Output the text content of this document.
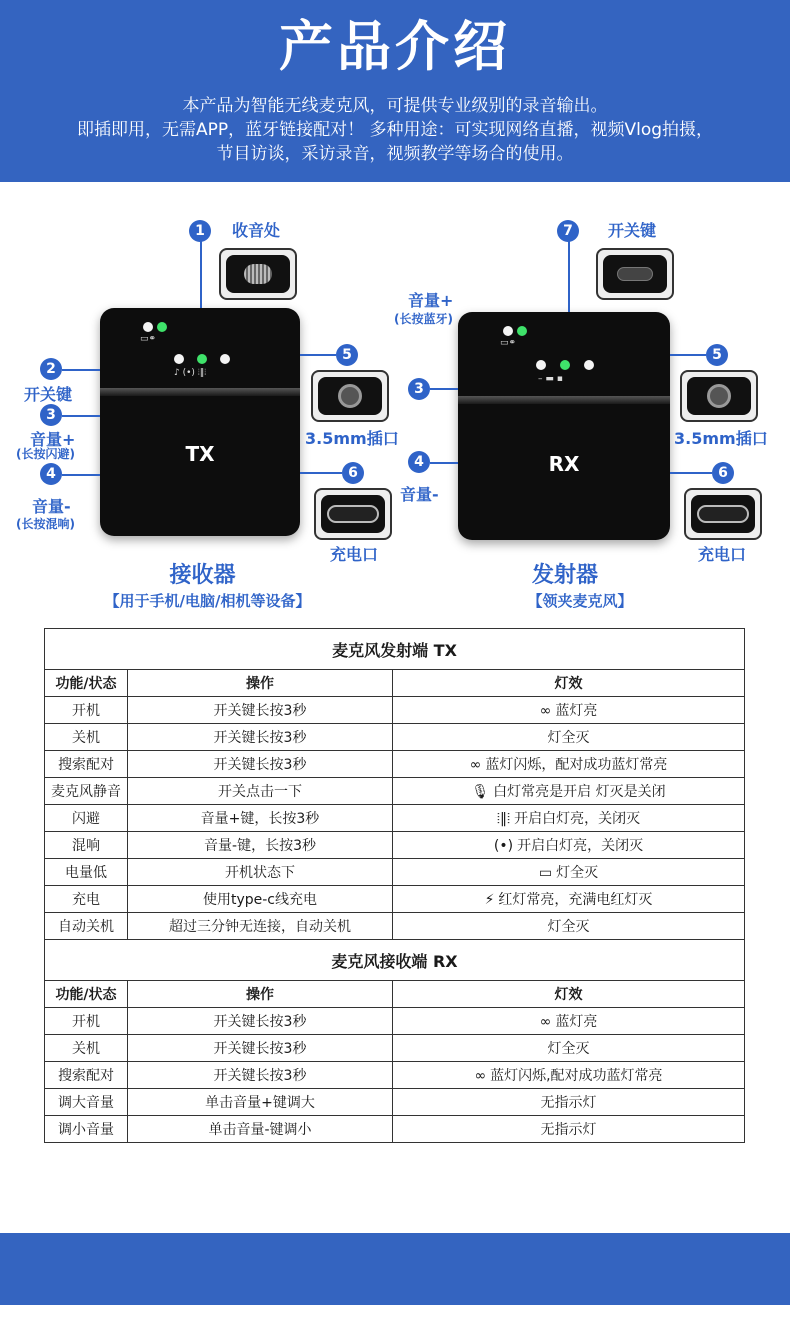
产品介绍
本产品为智能无线麦克风，可提供专业级别的录音输出。
即插即用，无需APP，蓝牙链接配对！ 多种用途：可实现网络直播，视频Vlog拍摄，
节目访谈，采访录音，视频教学等场合的使用。
▭⚭
♪ (•) ⦙‖⦙
TX
1	收音处
2
开关键
3
音量+
(长按闪避)
4
音量-
(长按混响)
5
3.5mm插口
6
充电口
接收器
【用于手机/电脑/相机等设备】
▭⚭
– ▬ ▪
RX
7	开关键
音量+
(长按蓝牙)
3
4
音量-
5
3.5mm插口
6
充电口
发射器
【领夹麦克风】
麦克风发射端 TX		
功能/状态	操作	灯效
开机	开关键长按3秒	∞ 蓝灯亮
关机	开关键长按3秒	灯全灭
搜索配对	开关键长按3秒	∞ 蓝灯闪烁，配对成功蓝灯常亮
麦克风静音	开关点击一下	🎙 白灯常亮是开启 灯灭是关闭
闪避	音量+键，长按3秒	⦙‖⦙ 开启白灯亮，关闭灭
混响	音量-键，长按3秒	(•) 开启白灯亮，关闭灭
电量低	开机状态下	▭ 灯全灭
充电	使用type-c线充电	⚡ 红灯常亮，充满电红灯灭
自动关机	超过三分钟无连接，自动关机	灯全灭
麦克风接收端 RX		
功能/状态	操作	灯效
开机	开关键长按3秒	∞ 蓝灯亮
关机	开关键长按3秒	灯全灭
搜索配对	开关键长按3秒	∞ 蓝灯闪烁,配对成功蓝灯常亮
调大音量	单击音量+键调大	无指示灯
调小音量	单击音量-键调小	无指示灯
